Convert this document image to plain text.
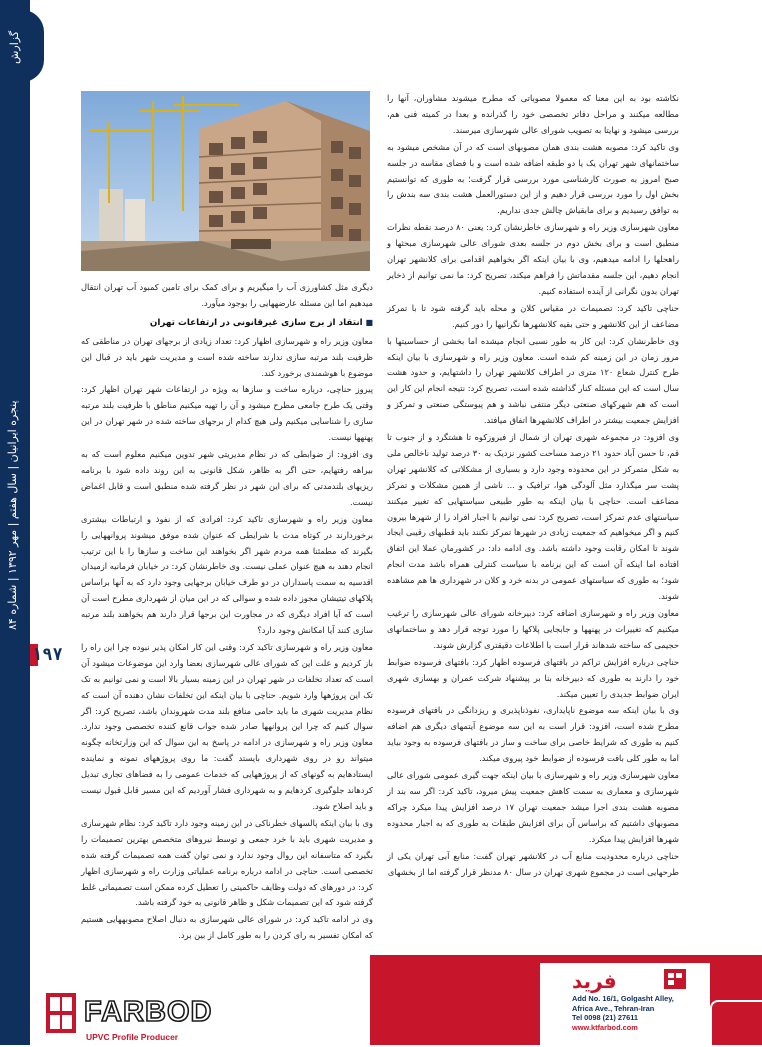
گزارش
پنجره ایرانیان | سال هفتم | مهر ۱۳۹۲ | شماره ۸۴
۱۹۷

نکاشته بود به این معنا که معمولا مصوباتی که مطرح میشوند مشاوران، آنها را مطالعه میکنند و مراحل دفاتر تخصصی خود را گذرانده و بعدا در کمیته فنی هم، بررسی میشود و نهایتا به تصویب شورای عالی شهرسازی میرسند.

وی تاکید کرد: مصوبه هشت بندی همان مصوبهای است که در آن مشخص میشود به ساختمانهای شهر تهران یک یا دو طبقه اضافه شده است و با فضای مقاسه در جلسه صبح امروز به صورت کارشناسی مورد بررسی قرار گرفت؛ به طوری که توانستیم بخش اول را مورد بررسی قرار دهیم و از این دستورالعمل هشت بندی سه بندش را به توافق رسیدیم و برای مابقیاش چالش جدی نداریم.

معاون شهرسازی وزیر راه و شهرسازی خاطرنشان کرد: یعنی ۸۰ درصد نقطه نظرات منطبق است و برای بخش دوم در جلسه بعدی شورای عالی شهرسازی مبحثها و راهحلها را ادامه میدهیم، وی با بیان اینکه اگر بخواهیم اقدامی برای کلانشهر تهران انجام دهیم، این جلسه مقدماتش را فراهم میکند، تصریح کرد: ما نمی توانیم از ذخایر تهران بدون نگرانی از آینده استفاده کنیم.

حناچی تاکید کرد: تصمیمات در مقیاس کلان و محله باید گرفته شود تا با تمرکز مضاعف از این کلانشهر و حتی بقیه کلانشهرها نگرانیها را دور کنیم.

وی خاطرنشان کرد: این کار به طور نسبی انجام میشده اما بخشی از حساسیتها با مرور زمان در این زمینه کم شده است. معاون وزیر راه و شهرسازی با بیان اینکه طرح کنترل شعاع ۱۲۰ متری در اطراف کلانشهر تهران را داشتهایم، و حدود هشت سال است که این مسئله کنار گذاشته شده است، تصریح کرد: نتیجه انجام این کار این است که هم شهرکهای صنعتی دیگر منتفی نباشد و هم پیوستگی صنعتی و تمرکز و افزایش جمعیت بیشتر در اطراف کلانشهرها اتفاق میافتد.

وی افزود: در مجموعه شهری تهران از شمال از فیروزکوه تا هشتگرد و از جنوب تا قم، تا حسن آباد حدود ۲۱ درصد مساحت کشور نزدیک به ۳۰ درصد تولید ناخالص ملی به شکل متمرکز در این محدوده وجود دارد و بسیاری از مشکلاتی که کلانشهر تهران پشت سر میگذارد مثل آلودگی هوا، ترافیک و ... ناشی از همین مشکلات و تمرکز مضاعف است. حناچی با بیان اینکه به طور طبیعی سیاستهایی که تغییر میکنند سیاستهای عدم تمرکز است، تصریح کرد: نمی توانیم با اجبار افراد را از شهرها بیرون کنیم و اگر میخواهیم که جمعیت زیادی در شهرها تمرکز نکنند باید قطبهای رقیبی ایجاد شوند تا امکان رقابت وجود داشته باشد. وی ادامه داد: در کشورمان عملا این اتفاق افتاده اما اینکه آن است که این برنامه با سیاست کنترلی همراه باشد مدت انجام شود؛ به طوری که سیاستهای عمومی در بدنه خرد و کلان در شهرداری ها هم مشاهده شوند.

معاون وزیر راه و شهرسازی اضافه کرد: دبیرخانه شورای عالی شهرسازی را ترغیب میکنیم که تغییرات در پهنهها و جابجایی پلاکها را مورد توجه قرار دهد و ساختمانهای حجیمی که ساخته شدهاند قرار است با اطلاعات دقیقتری گزارش شوند.

حناچی درباره افزایش تراکم در بافتهای فرسوده اظهار کرد: بافتهای فرسوده ضوابط خود را دارند به طوری که دبیرخانه بنا بر پیشنهاد شرکت عمران و بهسازی شهری ایران ضوابط جدیدی را تعیین میکند.

وی با بیان اینکه سه موضوع ناپایداری، نفوذناپذیری و ریزدانگی در بافتهای فرسوده مطرح شده است، افزود: قرار است به این سه موضوع آیتمهای دیگری هم اضافه کنیم به طوری که شرایط خاصی برای ساخت و ساز در بافتهای فرسوده به وجود بیاید اما به طور کلی بافت فرسوده از ضوابط خود پیروی میکند.

معاون شهرسازی وزیر راه و شهرسازی با بیان اینکه جهت گیری عمومی شورای عالی شهرسازی و معماری به سمت کاهش جمعیت پیش میرود، تاکید کرد: اگر سه بند از مصوبه هشت بندی اجرا میشد جمعیت تهران ۱۷ درصد افزایش پیدا میکرد چراکه مصوبهای داشتیم که براساس آن برای افزایش طبقات به طوری که به اجبار محدوده شهرها افزایش پیدا میکرد.

حناچی درباره محدودیت منابع آب در کلانشهر تهران گفت: منابع آبی تهران یکی از طرحهایی است در مجموع شهری تهران در سال ۸۰ مدنظر قرار گرفته اما از بخشهای

دیگری مثل کشاورزی آب را میگیریم و برای کمک برای تامین کمبود آب تهران انتقال میدهیم اما این مسئله عارضههایی را بوجود میآورد.

■ انتقاد از برج سازی غیرقانونی در ارتفاعات تهران

معاون وزیر راه و شهرسازی اظهار کرد: تعداد زیادی از برجهای تهران در مناطقی که ظرفیت بلند مرتبه سازی ندارند ساخته شده است و مدیریت شهر باید در قبال این موضوع با هوشمندی برخورد کند.

پیروز حناچی، درباره ساخت و سازها به ویژه در ارتفاعات شهر تهران اظهار کرد: وقتی یک طرح جامعی مطرح میشود و آن را تهیه میکنیم مناطق با ظرفیت بلند مرتبه سازی را شناسایی میکنیم ولی هیچ کدام از برجهای ساخته شده در شهر تهران در این پهنهها نیست.

وی افزود: از ضوابطی که در نظام مدیریتی شهر تدوین میکنیم معلوم است که به بیراهه رفتهایم، حتی اگر به ظاهر، شکل قانونی به این روند داده شود با برنامه ریزیهای بلندمدتی که برای این شهر در نظر گرفته شده منطبق است و قابل اغماض نیست.

معاون وزیر راه و شهرسازی تاکید کرد: افرادی که از نفوذ و ارتباطات بیشتری برخوردارند در کوتاه مدت با شرایطی که عنوان شده موفق میشوند پروانههایی را بگیرند که مطمئنا همه مردم شهر اگر بخواهند این ساخت و سازها را با این ترتیب انجام دهند به هیچ عنوان عملی نیست. وی خاطرنشان کرد: در خیابان فرمانیه ازمیدان اقدسیه به سمت پاسداران در دو طرف خیابان برجهایی وجود دارد که به آنها براساس پلاکهای تیتیشان مجوز داده شده و سوالی که در این میان از شهرداری مطرح است آن است که آیا افراد دیگری که در مجاورت این برجها قرار دارند هم بخواهند بلند مرتبه سازی کنند آیا امکانش وجود دارد؟

معاون وزیر راه و شهرسازی تاکید کرد: وقتی این کار امکان پذیر نبوده چرا این راه را باز کردیم و علت این که شورای عالی شهرسازی بعضا وارد این موضوعات میشود آن است که تعداد تخلفات در شهر تهران در این زمینه بسیار بالا است و نمی توانیم به تک تک این پروژهها وارد شویم. حناچی با بیان اینکه این تخلفات نشان دهنده آن است که نظام مدیریت شهری ما باید حامی منافع بلند مدت شهروندان باشد، تصریح کرد: اگر سوال کنیم که چرا این پروانهها صادر شده جواب قانع کننده تخصصی وجود ندارد. معاون وزیر راه و شهرسازی در ادامه در پاسخ به این سوال که این وزارتخانه چگونه میتواند رو در روی شهرداری بایستد گفت: ما روی پروژههای نمونه و نماینده ایستادهایم به گونهای که از پروژههایی که خدمات عمومی را به فضاهای تجاری تبدیل کردهاند جلوگیری کردهایم و به شهرداری فشار آوردیم که این مسیر قابل قبول نیست و باید اصلاح شود.

وی با بیان اینکه پالسهای خطرناکی در این زمینه وجود دارد تاکید کرد: نظام شهرسازی و مدیریت شهری باید با خرد جمعی و توسط نیروهای متخصص بهترین تصمیمات را بگیرد که متاسفانه این روال وجود ندارد و نمی توان گفت همه تصمیمات گرفته شده تخصصی است. حناچی در ادامه درباره برنامه عملیاتی وزارت راه و شهرسازی اظهار کرد: در دورهای که دولت وظایف حاکمیتی را تعطیل کرده ممکن است تصمیماتی غلط گرفته شود که این تصمیمات شکل و ظاهر قانونی به خود گرفته باشد.

وی در ادامه تاکید کرد: در شورای عالی شهرسازی به دنبال اصلاح مصوبههایی هستیم که امکان تفسیر به رای کردن را به طور کامل از بین برد.

FARBOD
UPVC Profile Producer
فرید
Add No. 16/1, Golgasht Alley,
Africa Ave., Tehran-Iran
Tel 0098 (21) 27611
www.ktfarbod.com
